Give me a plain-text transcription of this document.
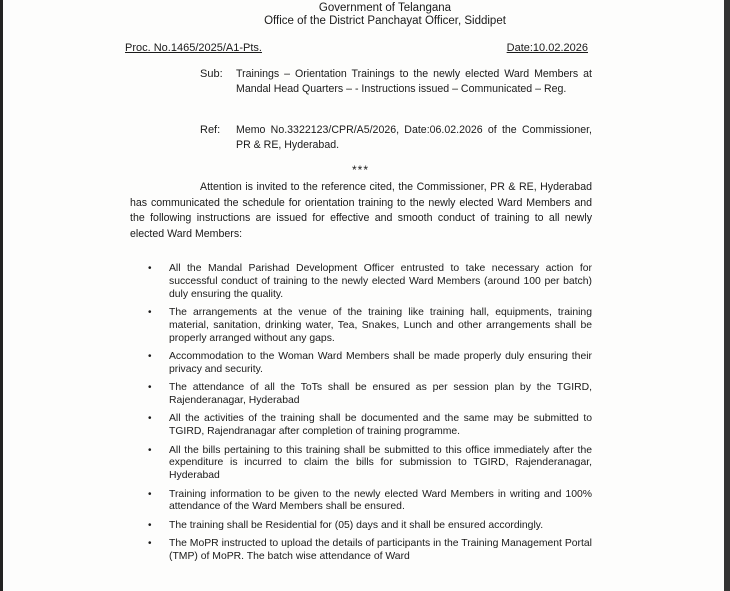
Government of Telangana
Office of the District Panchayat Officer, Siddipet
Proc. No.1465/2025/A1-Pts.	Date:10.02.2026
Sub: Trainings – Orientation Trainings to the newly elected Ward Members at Mandal Head Quarters – - Instructions issued – Communicated – Reg.
Ref: Memo No.3322123/CPR/A5/2026, Date:06.02.2026 of the Commissioner, PR & RE, Hyderabad.
***
Attention is invited to the reference cited, the Commissioner, PR & RE, Hyderabad has communicated the schedule for orientation training to the newly elected Ward Members and the following instructions are issued for effective and smooth conduct of training to all newly elected Ward Members:
• All the Mandal Parishad Development Officer entrusted to take necessary action for successful conduct of training to the newly elected Ward Members (around 100 per batch) duly ensuring the quality.
• The arrangements at the venue of the training like training hall, equipments, training material, sanitation, drinking water, Tea, Snakes, Lunch and other arrangements shall be properly arranged without any gaps.
• Accommodation to the Woman Ward Members shall be made properly duly ensuring their privacy and security.
• The attendance of all the ToTs shall be ensured as per session plan by the TGIRD, Rajenderanagar, Hyderabad
• All the activities of the training shall be documented and the same may be submitted to TGIRD, Rajendranagar after completion of training programme.
• All the bills pertaining to this training shall be submitted to this office immediately after the expenditure is incurred to claim the bills for submission to TGIRD, Rajenderanagar, Hyderabad
• Training information to be given to the newly elected Ward Members in writing and 100% attendance of the Ward Members shall be ensured.
• The training shall be Residential for (05) days and it shall be ensured accordingly.
• The MoPR instructed to upload the details of participants in the Training Management Portal (TMP) of MoPR. The batch wise attendance of Ward
